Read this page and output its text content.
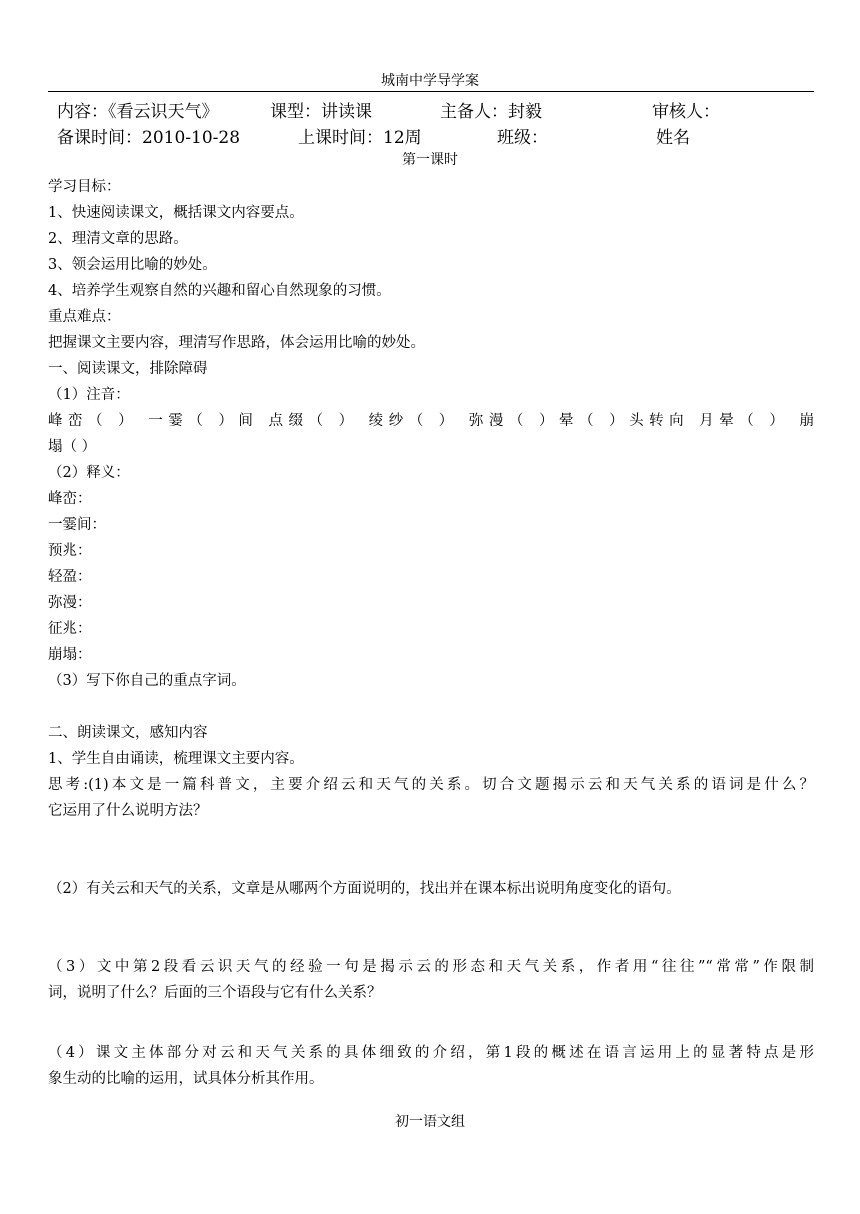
城南中学导学案
内容：《看云识天气》	课型：讲读课	主备人：封毅	审核人：
备课时间：2010-10-28	上课时间：12周	班级：	姓名
第一课时
学习目标：
1、快速阅读课文，概括课文内容要点。
2、理清文章的思路。
3、领会运用比喻的妙处。
4、培养学生观察自然的兴趣和留心自然现象的习惯。
重点难点：
把握课文主要内容，理清写作思路，体会运用比喻的妙处。
一、阅读课文，排除障碍
（1）注音：
峰峦（ ） 一霎（ ）间 点缀（ ） 绫纱（ ） 弥漫（ ）晕（ ）头转向 月晕（ ） 崩
塌（ ）
（2）释义：
峰峦：
一霎间：
预兆：
轻盈：
弥漫：
征兆：
崩塌：
（3）写下你自己的重点字词。
二、朗读课文，感知内容
1、学生自由诵读，梳理课文主要内容。
思考:(1)本文是一篇科普文，主要介绍云和天气的关系。切合文题揭示云和天气关系的语词是什么？
它运用了什么说明方法？
（2）有关云和天气的关系，文章是从哪两个方面说明的，找出并在课本标出说明角度变化的语句。
（3）文中第2段看云识天气的经验一句是揭示云的形态和天气关系，作者用“往往”“常常”作限制
词，说明了什么？后面的三个语段与它有什么关系？
（4）课文主体部分对云和天气关系的具体细致的介绍，第1段的概述在语言运用上的显著特点是形
象生动的比喻的运用，试具体分析其作用。
初一语文组
